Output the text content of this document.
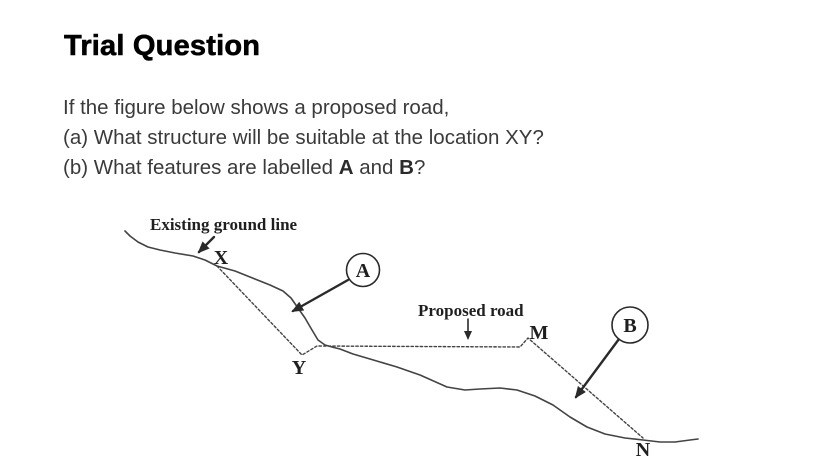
Trial Question
If the figure below shows a proposed road,
(a) What structure will be suitable at the location XY?
(b) What features are labelled A and B?
Existing ground line
Proposed road
X
Y
M
N
A
B
